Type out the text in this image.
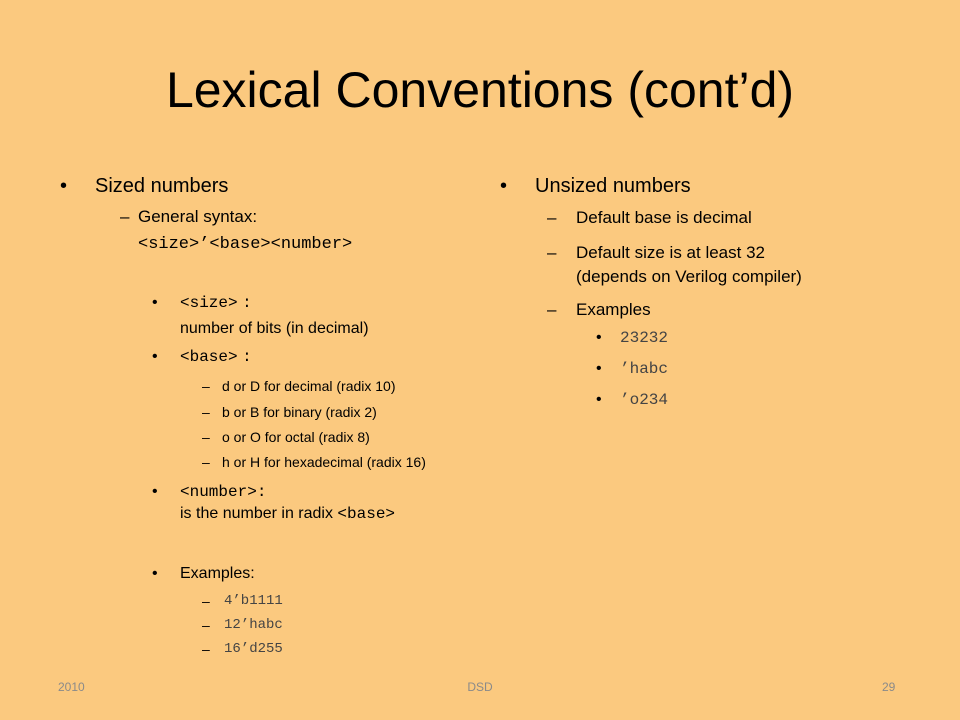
Lexical Conventions (cont’d)
• Sized numbers
– General syntax:
<size>’<base><number>
• <size> :
number of bits (in decimal)
• <base> :
– d or D for decimal (radix 10)
– b or B for binary (radix 2)
– o or O for octal (radix 8)
– h or H for hexadecimal (radix 16)
• <number>:
is the number in radix <base>
• Examples:
– 4’b1111
– 12’habc
– 16’d255
• Unsized numbers
– Default base is decimal
– Default size is at least 32
(depends on Verilog compiler)
– Examples
• 23232
• ’habc
• ’o234
2010	DSD	29
